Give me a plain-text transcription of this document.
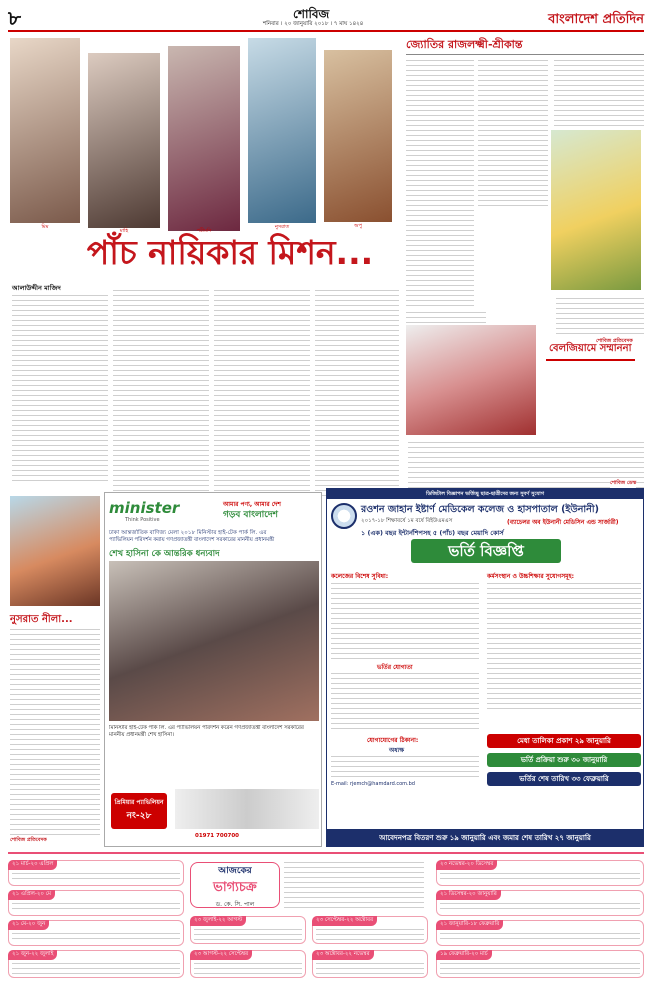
৮	শোবিজ
শনিবার । ২০ জানুয়ারি ২০১৮ । ৭ মাঘ ১৪২৪	বাংলাদেশ প্রতিদিন
মিম
মাহি	পরীমনি
নুসরাত	অপু
পাঁচ নায়িকার মিশন...
আলাউদ্দীন মাজিদ
জ্যোতির রাজলক্ষ্মী-শ্রীকান্ত
শোবিজ প্রতিবেদক
বেলজিয়ামে সম্মাননা
শোবিজ ডেস্ক
নুসরাত নীলা...
শোবিজ প্রতিবেদক
minister
Think Positive
আমার পণ্য, আমার দেশ
গড়ব বাংলাদেশ
ঢাকা আন্তর্জাতিক বাণিজ্য মেলা ২০১৮ মিনিস্টার হাই-টেক পার্ক লি. এর
প্যাভিলিয়ন পরিদর্শন করায় গণপ্রজাতন্ত্রী বাংলাদেশ সরকারের মাননীয় প্রধানমন্ত্রী
শেখ হাসিনা কে আন্তরিক ধন্যবাদ
মিনিস্টার হাই-টেক পার্ক লি. এর প্যাভিলিয়ন পরিদর্শন করেন গণপ্রজাতন্ত্রী বাংলাদেশ সরকারের মাননীয় প্রধানমন্ত্রী শেখ হাসিনা।
প্রিমিয়ার প্যাভিলিয়ন
নং-২৮
01971 700700
ডিজিটাল বিজ্ঞাপন ভর্তিচ্ছু ছাত্র-ছাত্রীদের জন্য সুবর্ণ সুযোগ
রওশন জাহান ইষ্টার্ণ মেডিকেল কলেজ ও হাসপাতাল (ইউনানী)
(ব্যাচেলর অব ইউনানী মেডিসিন এন্ড সার্জারী)
২০১৭-১৮ শিক্ষাবর্ষে ১ম বর্ষে বিইউএমএস
১ (এক) বছর ইন্টার্নশিপসহ ৫ (পাঁচ) বছর মেয়াদি কোর্স
ভর্তি বিজ্ঞপ্তি
কলেজের বিশেষ সুবিধা:	কর্মসংস্থান ও উচ্চশিক্ষার সুযোগসমূহ:
ভর্তির যোগ্যতা
যোগাযোগের ঠিকানা:
অধ্যক্ষ
E-mail: rjemch@hamdard.com.bd
মেধা তালিকা প্রকাশ ২৯ জানুয়ারি
ভর্তি প্রক্রিয়া শুরু ৩০ জানুয়ারি
ভর্তির শেষ তারিখ ৩৩ ফেব্রুয়ারি
আবেদনপত্র বিতরণ শুরু ১৯ জানুয়ারি এবং জমার শেষ তারিখ ২৭ জানুয়ারি
আজকের
ভাগ্যচক্র
ড. কে. সি. পাল
২১ মার্চ-২০ এপ্রিল
২১ এপ্রিল-২০ মে
২১ মে-২০ জুন
২১ জুন-২২ জুলাই
২৩ জুলাই-২২ আগস্ট
২৩ আগস্ট-২২ সেপ্টেম্বর
২৩ সেপ্টেম্বর-২২ অক্টোবর
২৩ অক্টোবর-২২ নভেম্বর
২৩ নভেম্বর-২০ ডিসেম্বর
২১ ডিসেম্বর-২০ জানুয়ারি
২১ জানুয়ারি-১৮ ফেব্রুয়ারি
১৯ ফেব্রুয়ারি-২০ মার্চ
